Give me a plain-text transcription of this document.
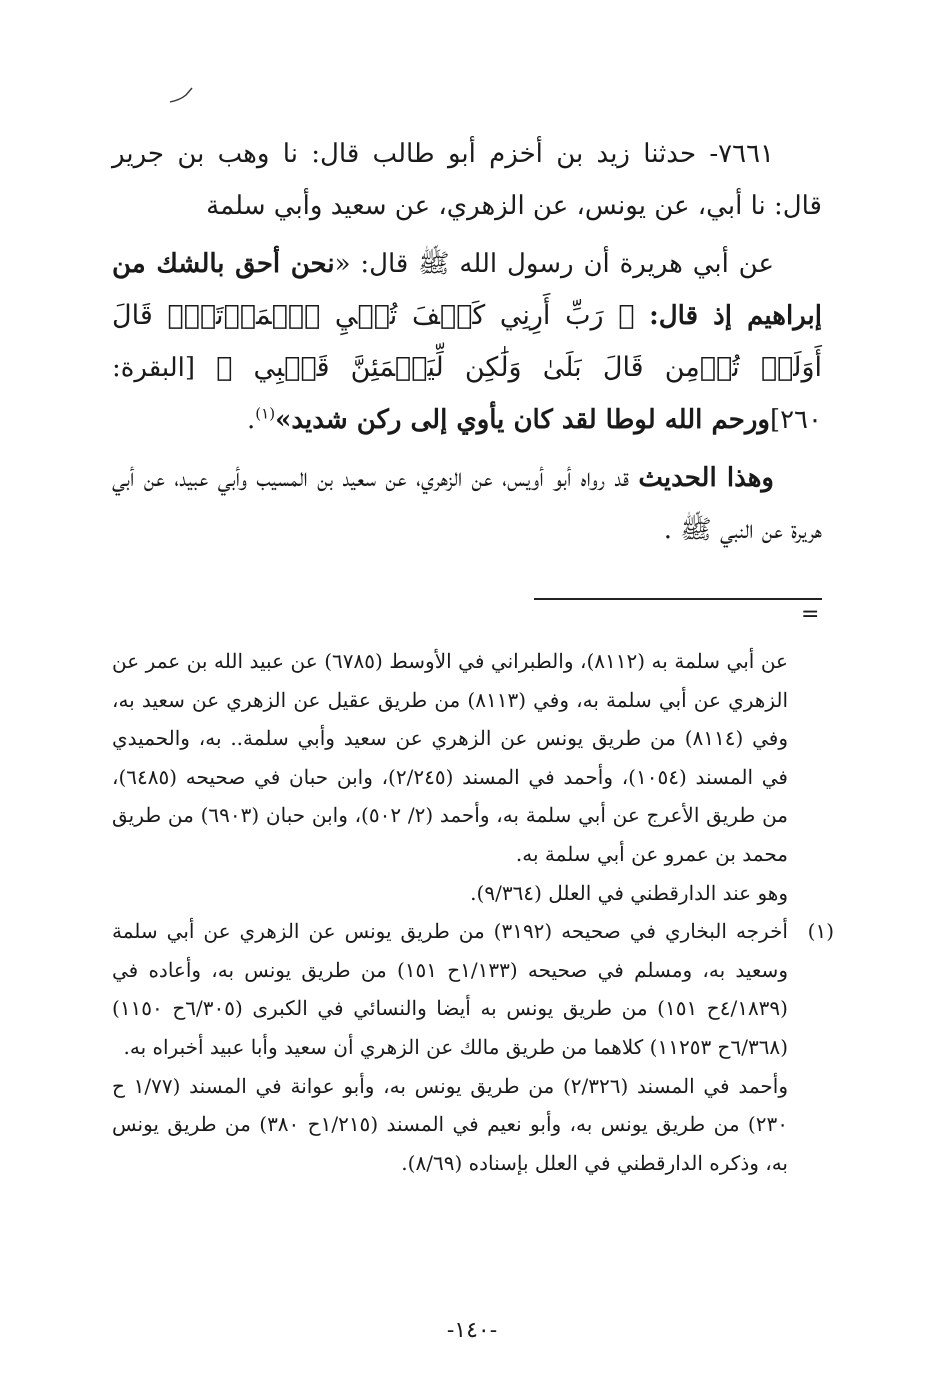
٧٦٦١- حدثنا زيد بن أخزم أبو طالب قال: نا وهب بن جرير قال: نا أبي، عن يونس، عن الزهري، عن سعيد وأبي سلمة

عن أبي هريرة أن رسول الله ﷺ قال: «نحن أحق بالشك من إبراهيم إذ قال: ﴿ رَبِّ أَرِنِي كَيۡفَ تُحۡيِ ٱلۡمَوۡتَىٰۖ قَالَ أَوَلَمۡ تُؤۡمِن قَالَ بَلَىٰ وَلَٰكِن لِّيَطۡمَئِنَّ قَلۡبِي ﴾ [البقرة: ٢٦٠]ورحم الله لوطا لقد كان يأوي إلى ركن شديد»$^{(١)}$.

وهذا الحديث قد رواه أبو أويس، عن الزهري، عن سعيد بن المسيب وأبي عبيد، عن أبي هريرة عن النبي ﷺ .

=

عن أبي سلمة به (٨١١٢)، والطبراني في الأوسط (٦٧٨٥) عن عبيد الله بن عمر عن الزهري عن أبي سلمة به، وفي (٨١١٣) من طريق عقيل عن الزهري عن سعيد به، وفي (٨١١٤) من طريق يونس عن الزهري عن سعيد وأبي سلمة.. به، والحميدي في المسند (١٠٥٤)، وأحمد في المسند (٢/٢٤٥)، وابن حبان في صحيحه (٦٤٨٥)، من طريق الأعرج عن أبي سلمة به، وأحمد (٢/ ٥٠٢)، وابن حبان (٦٩٠٣) من طريق محمد بن عمرو عن أبي سلمة به.

وهو عند الدارقطني في العلل (٩/٣٦٤).

(١)
أخرجه البخاري في صحيحه (٣١٩٢) من طريق يونس عن الزهري عن أبي سلمة وسعيد به، ومسلم في صحيحه (١/١٣٣ح ١٥١) من طريق يونس به، وأعاده في (٤/١٨٣٩ح ١٥١) من طريق يونس به أيضا والنسائي في الكبرى (٦/٣٠٥ح ١١٥٠) (٦/٣٦٨ح ١١٢٥٣) كلاهما من طريق مالك عن الزهري أن سعيد وأبا عبيد أخبراه به.

وأحمد في المسند (٢/٣٢٦) من طريق يونس به، وأبو عوانة في المسند (١/٧٧ ح ٢٣٠) من طريق يونس به، وأبو نعيم في المسند (١/٢١٥ح ٣٨٠) من طريق يونس به، وذكره الدارقطني في العلل بإسناده (٨/٦٩).

-١٤٠-
